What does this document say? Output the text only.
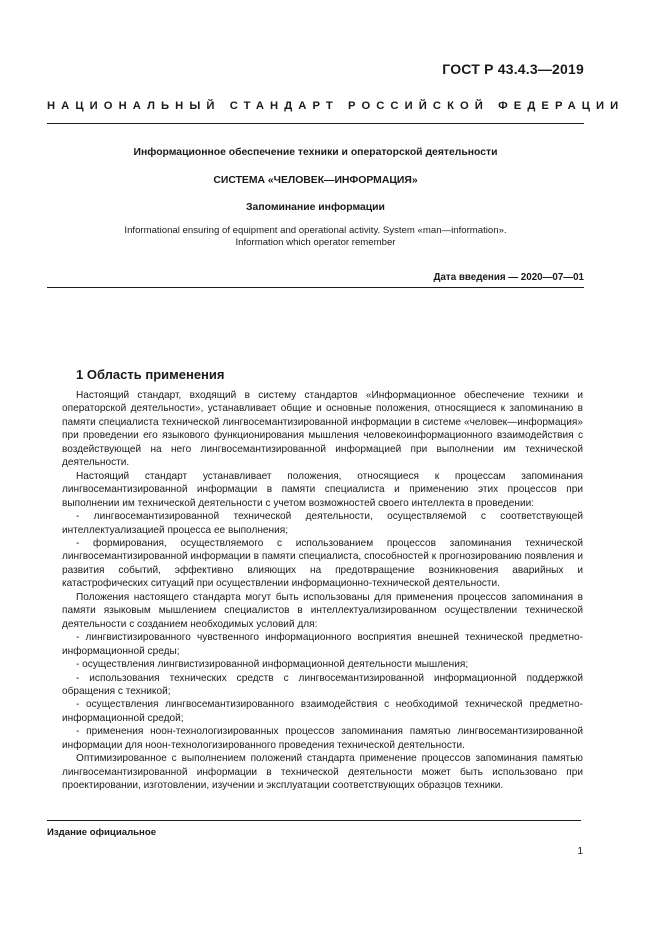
ГОСТ Р 43.4.3—2019
НАЦИОНАЛЬНЫЙ СТАНДАРТ РОССИЙСКОЙ ФЕДЕРАЦИИ
Информационное обеспечение техники и операторской деятельности
СИСТЕМА «ЧЕЛОВЕК—ИНФОРМАЦИЯ»
Запоминание информации
Informational ensuring of equipment and operational activity. System «man—information».
Information which operator remember
Дата введения — 2020—07—01
1 Область применения

Настоящий стандарт, входящий в систему стандартов «Информационное обеспечение техники и операторской деятельности», устанавливает общие и основные положения, относящиеся к запоминанию в памяти специалиста технической лингвосемантизированной информации в системе «человек—информация» при проведении его языкового функционирования мышления человекоинформационного взаимодействия с воздействующей на него лингвосемантизированной информацией при выполнении им технической деятельности.

Настоящий стандарт устанавливает положения, относящиеся к процессам запоминания лингвосемантизированной информации в памяти специалиста и применению этих процессов при выполнении им технической деятельности с учетом возможностей своего интеллекта в проведении:

- лингвосемантизированной технической деятельности, осуществляемой с соответствующей интеллектуализацией процесса ее выполнения;

- формирования, осуществляемого с использованием процессов запоминания технической лингвосемантизированной информации в памяти специалиста, способностей к прогнозированию появления и развития событий, эффективно влияющих на предотвращение возникновения аварийных и катастрофических ситуаций при осуществлении информационно-технической деятельности.

Положения настоящего стандарта могут быть использованы для применения процессов запоминания в памяти языковым мышлением специалистов в интеллектуализированном осуществлении технической деятельности с созданием необходимых условий для:

- лингвистизированного чувственного информационного восприятия внешней технической предметно-информационной среды;

- осуществления лингвистизированной информационной деятельности мышления;

- использования технических средств с лингвосемантизированной информационной поддержкой обращения с техникой;

- осуществления лингвосемантизированного взаимодействия с необходимой технической предметно-информационной средой;

- применения ноон-технологизированных процессов запоминания памятью лингвосемантизированной информации для ноон-технологизированного проведения технической деятельности.

Оптимизированное с выполнением положений стандарта применение процессов запоминания памятью лингвосемантизированной информации в технической деятельности может быть использовано при проектировании, изготовлении, изучении и эксплуатации соответствующих образцов техники.

Издание официальное
1
